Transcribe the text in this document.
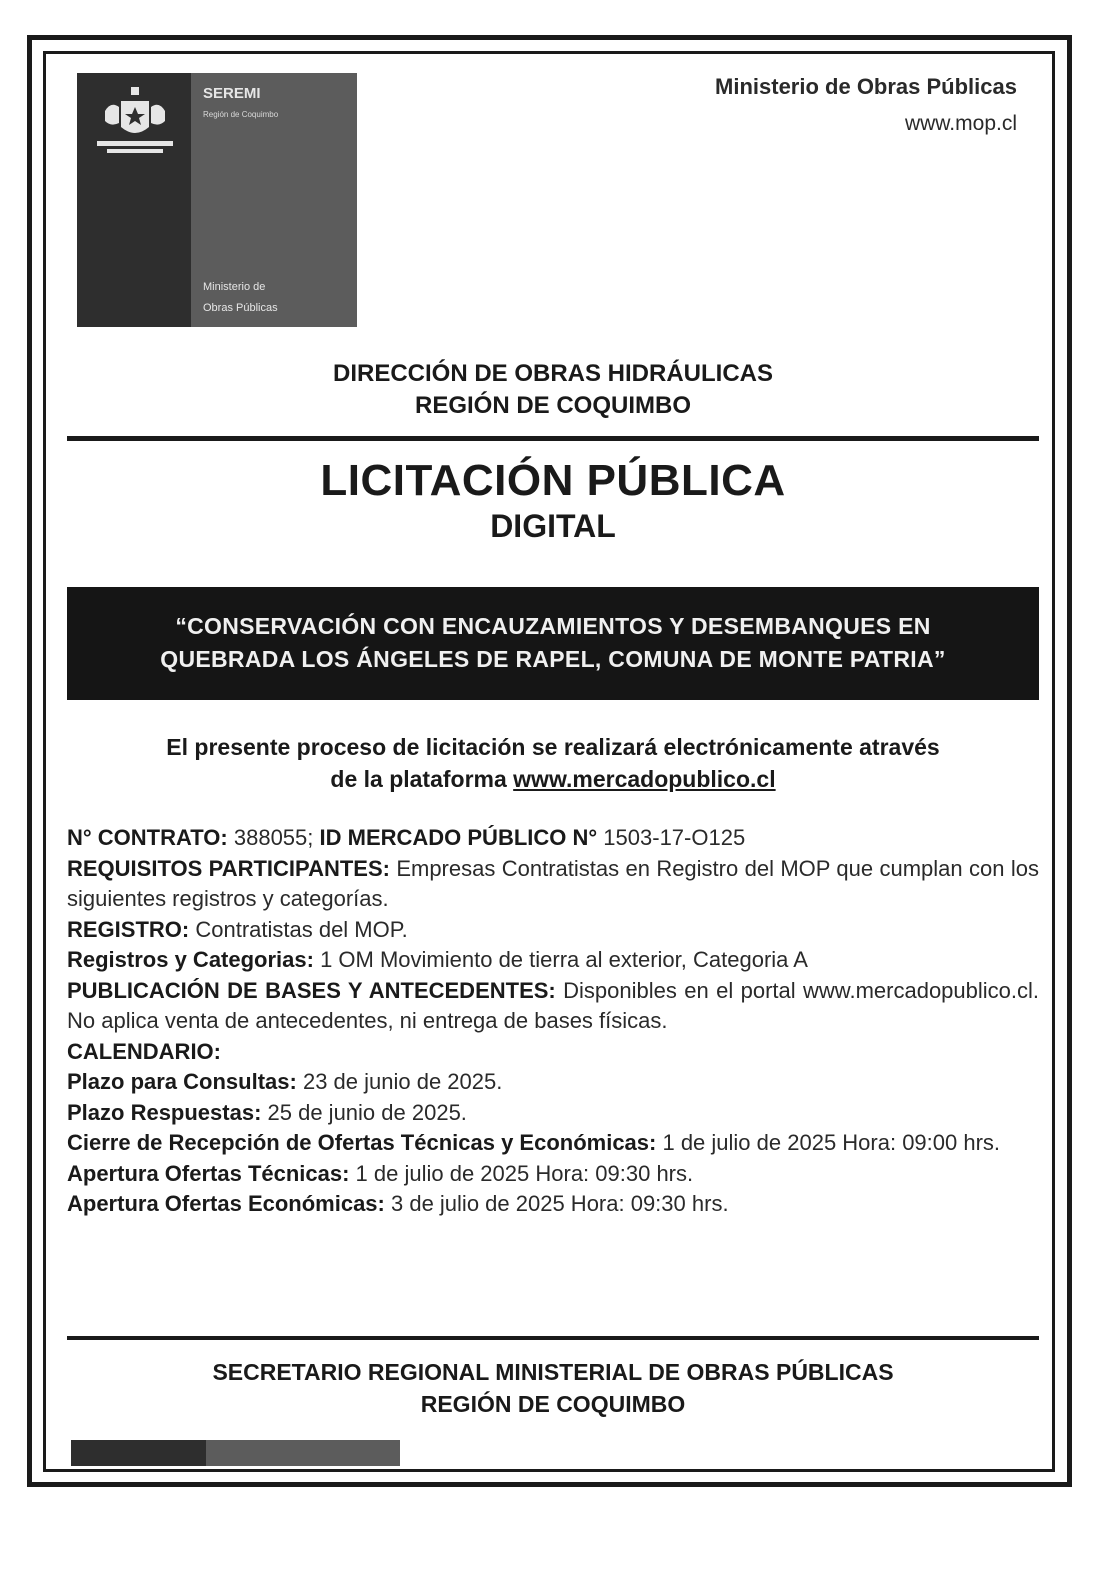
SEREMI
Región de Coquimbo
Ministerio de
Obras Públicas
Ministerio de Obras Públicas
www.mop.cl
DIRECCIÓN DE OBRAS HIDRÁULICAS
REGIÓN DE COQUIMBO
LICITACIÓN PÚBLICA
DIGITAL
“CONSERVACIÓN CON ENCAUZAMIENTOS Y DESEMBANQUES EN
QUEBRADA LOS ÁNGELES DE RAPEL, COMUNA DE MONTE PATRIA”
El presente proceso de licitación se realizará electrónicamente através
de la plataforma www.mercadopublico.cl

N° CONTRATO: 388055; ID MERCADO PÚBLICO N° 1503-17-O125

REQUISITOS PARTICIPANTES: Empresas Contratistas en Registro del MOP que cumplan con los siguientes registros y categorías.

REGISTRO: Contratistas del MOP.

Registros y Categorias: 1 OM Movimiento de tierra al exterior, Categoria A

PUBLICACIÓN DE BASES Y ANTECEDENTES: Disponibles en el portal www.mercadopublico.cl. No aplica venta de antecedentes, ni entrega de bases físicas.

CALENDARIO:

Plazo para Consultas: 23 de junio de 2025.

Plazo Respuestas: 25 de junio de 2025.

Cierre de Recepción de Ofertas Técnicas y Económicas: 1 de julio de 2025 Hora: 09:00 hrs.

Apertura Ofertas Técnicas: 1 de julio de 2025 Hora: 09:30 hrs.

Apertura Ofertas Económicas: 3 de julio de 2025 Hora: 09:30 hrs.

SECRETARIO REGIONAL MINISTERIAL DE OBRAS PÚBLICAS
REGIÓN DE COQUIMBO
